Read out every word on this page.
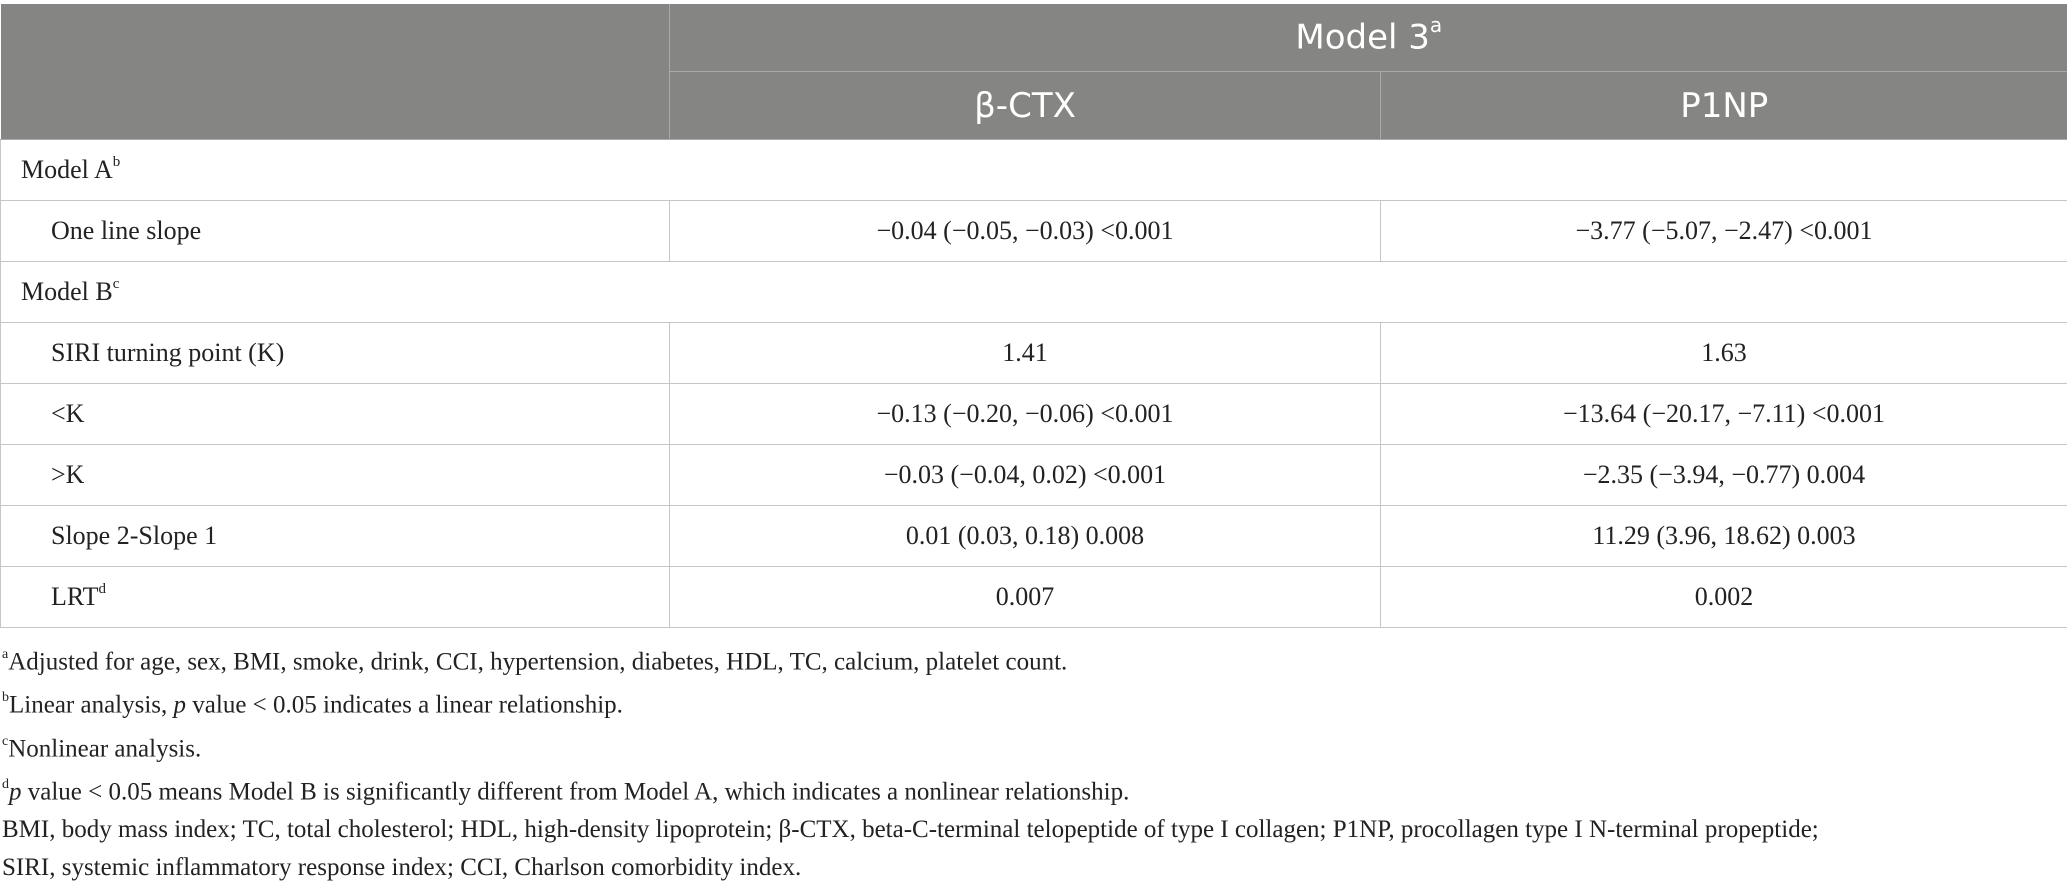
	Model 3$^a$
	β-CTX	P1NP
Model $A^b$
One line slope	−0.04 (−0.05, −0.03) <0.001	−3.77 (−5.07, −2.47) <0.001
Model $B^c$
SIRI turning point (K)	1.41	1.63
<K	−0.13 (−0.20, −0.06) <0.001	−13.64 (−20.17, −7.11) <0.001
>K	−0.03 (−0.04, 0.02) <0.001	−2.35 (−3.94, −0.77) 0.004
Slope 2-Slope 1	0.01 (0.03, 0.18) 0.008	11.29 (3.96, 18.62) 0.003
LRT$^d$	0.007	0.002
$^a$Adjusted for age, sex, BMI, smoke, drink, CCI, hypertension, diabetes, HDL, TC, calcium, platelet count.
$^b$Linear analysis, p value < 0.05 indicates a linear relationship.
$^c$Nonlinear analysis.
$^d$p value < 0.05 means Model B is significantly different from Model A, which indicates a nonlinear relationship.
BMI, body mass index; TC, total cholesterol; HDL, high-density lipoprotein; β-CTX, beta-C-terminal telopeptide of type I collagen; P1NP, procollagen type I N-terminal propeptide;
SIRI, systemic inflammatory response index; CCI, Charlson comorbidity index.
